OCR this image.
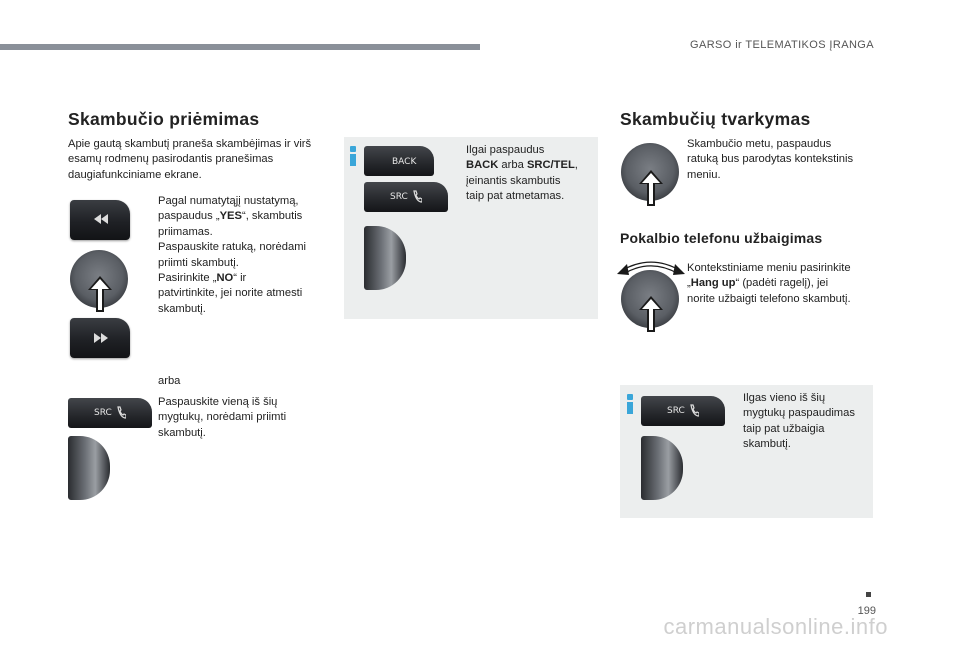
GARSO ir TELEMATIKOS ĮRANGA
Skambučio priėmimas
Apie gautą skambutį praneša skambėjimas ir virš esamų rodmenų pasirodantis pranešimas daugiafunkciniame ekrane.
Pagal numatytąjį nustatymą,
paspaudus „YES“, skambutis
priimamas.
Paspauskite ratuką, norėdami
priimti skambutį.
Pasirinkite „NO“ ir
patvirtinkite, jei norite atmesti
skambutį.
arba
SRC
Paspauskite vieną iš šių
mygtukų, norėdami priimti
skambutį.
BACK
SRC
Ilgai paspaudus
BACK arba SRC/TEL,
įeinantis skambutis
taip pat atmetamas.
Skambučių tvarkymas
Skambučio metu, paspaudus
ratuką bus parodytas kontekstinis
meniu.
Pokalbio telefonu užbaigimas
Kontekstiniame meniu pasirinkite
„Hang up“ (padėti ragelį), jei
norite užbaigti telefono skambutį.
SRC
Ilgas vieno iš šių
mygtukų paspaudimas
taip pat užbaigia
skambutį.
199
carmanualsonline.info
